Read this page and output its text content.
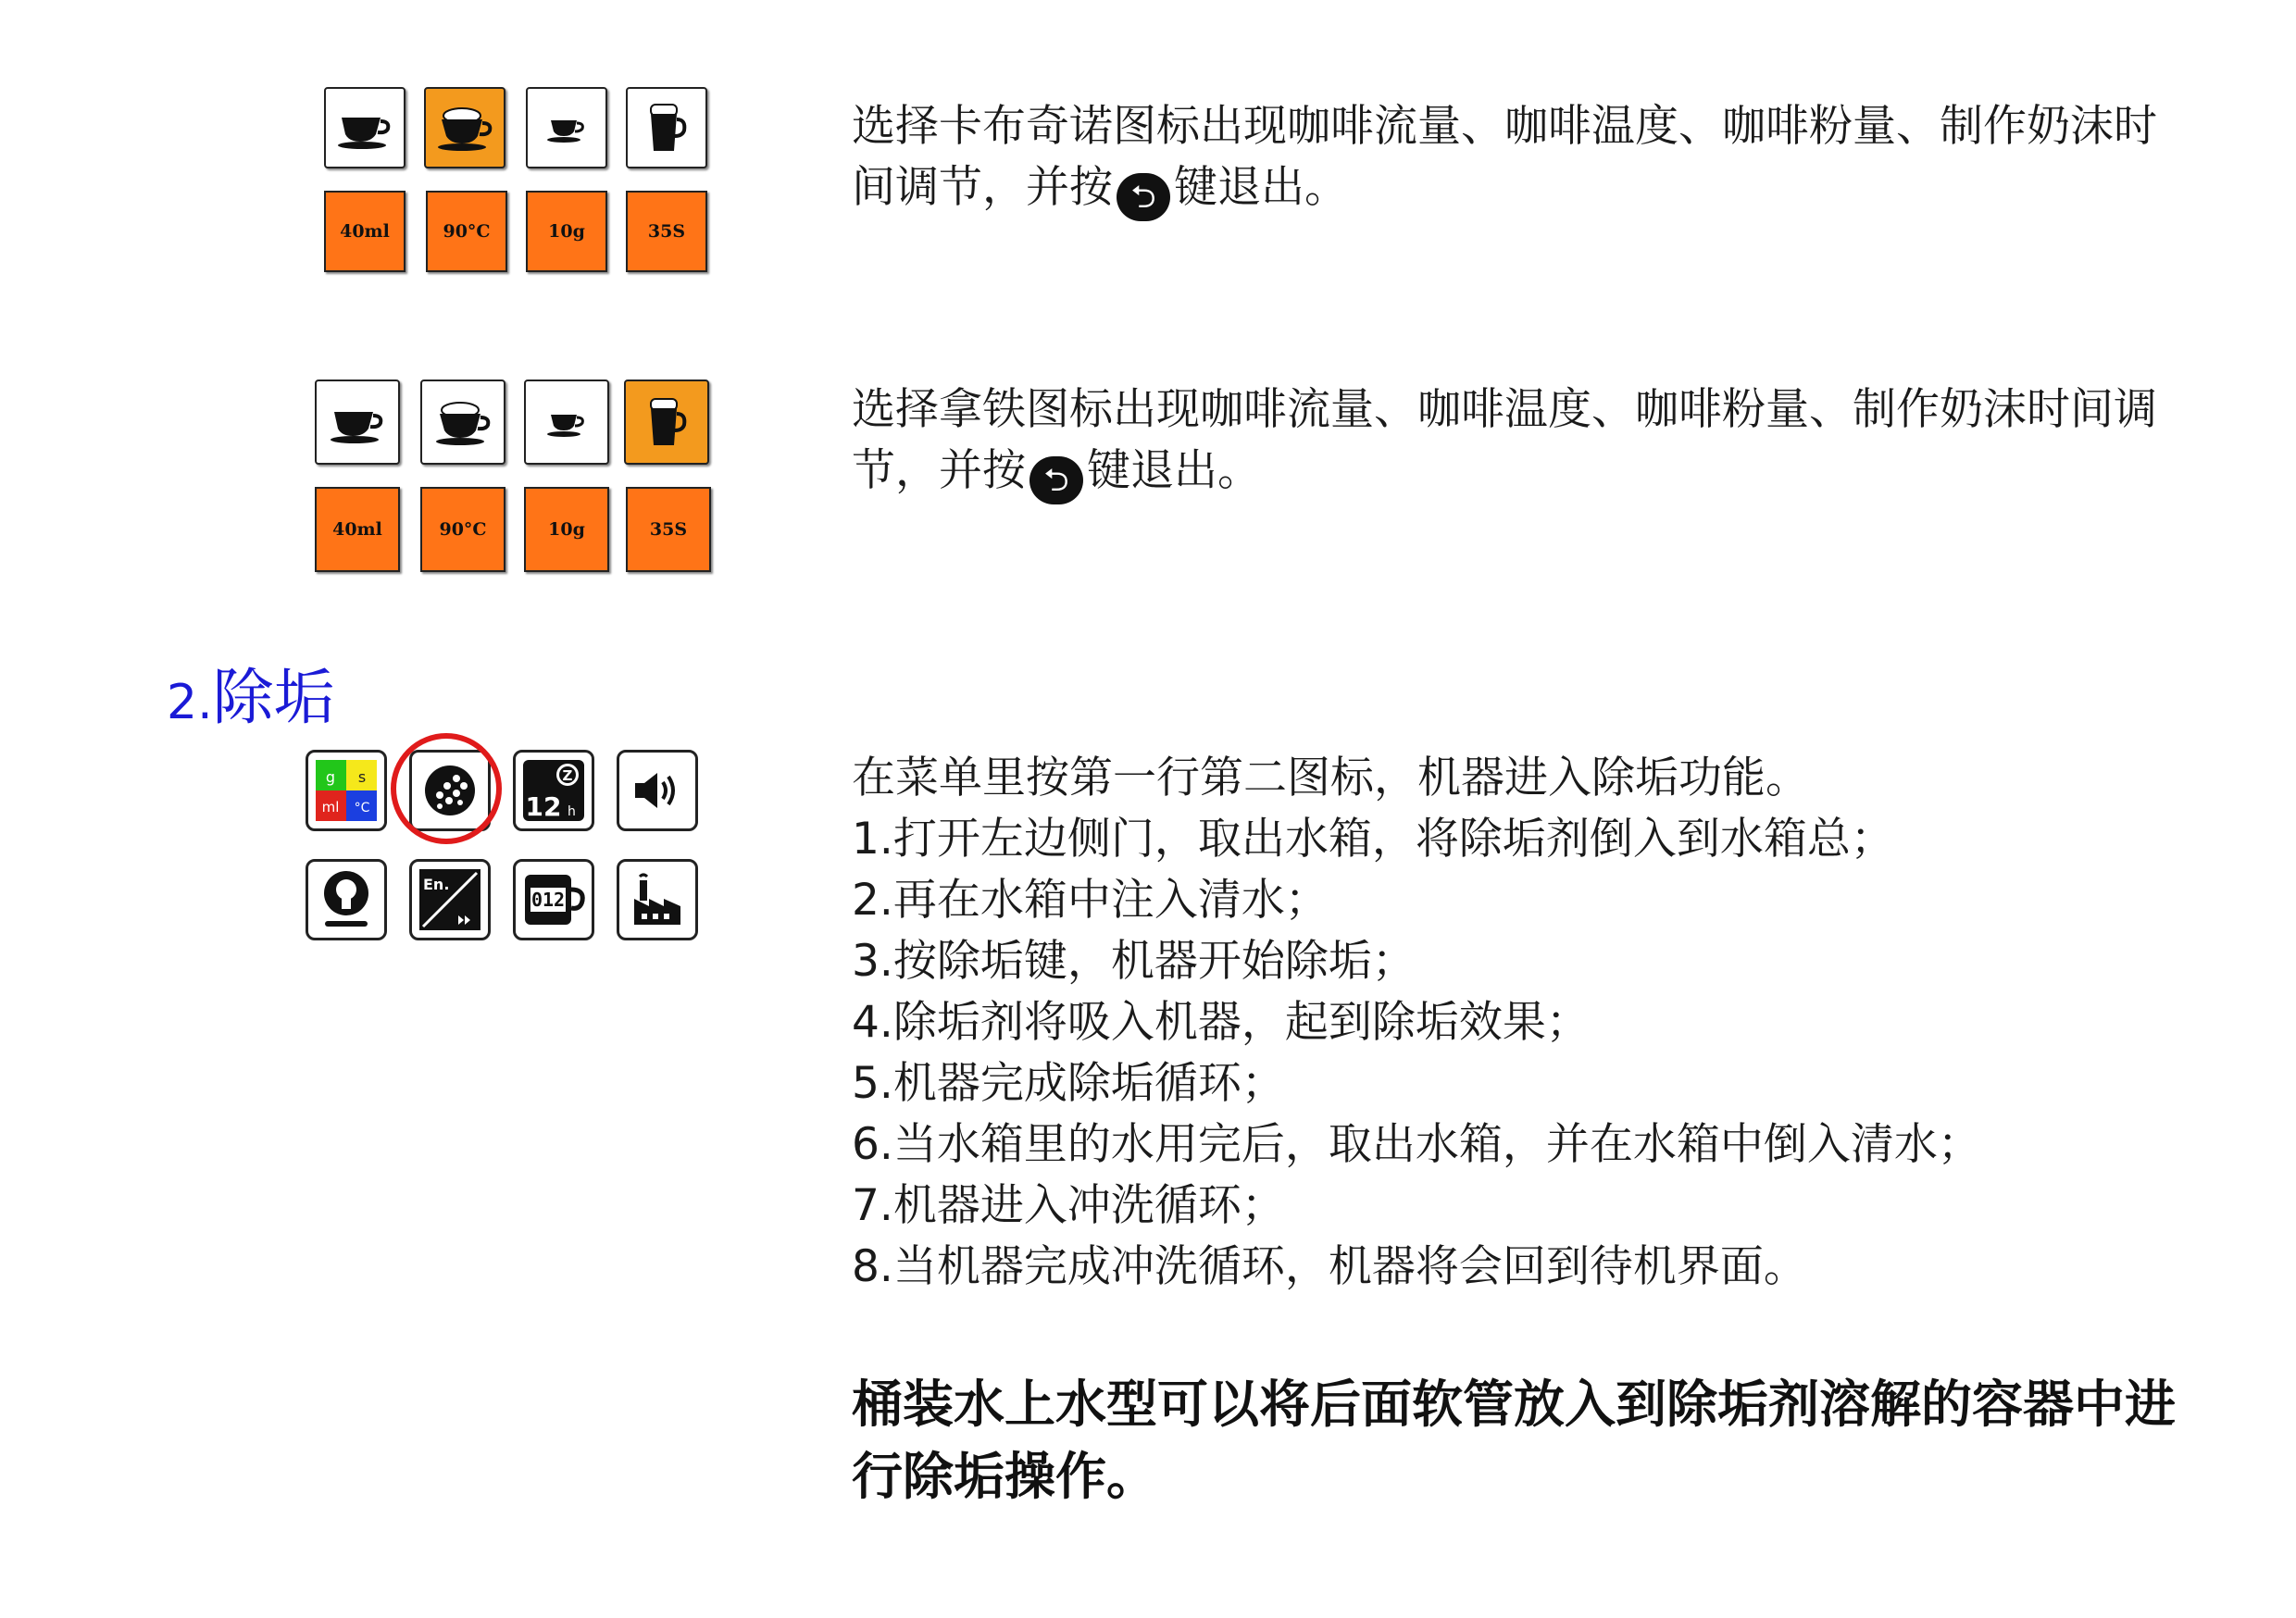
40ml	90°C	10g	35S
选择卡布奇诺图标出现咖啡流量、咖啡温度、咖啡粉量、制作奶沫时间调节，并按 ⮌ 键退出。
40ml	90°C	10g	35S
选择拿铁图标出现咖啡流量、咖啡温度、咖啡粉量、制作奶沫时间调节，并按 ⮌ 键退出。
2.除垢
g s
ml °C
Z
12 h
En.
012
在菜单里按第一行第二图标，机器进入除垢功能。
1.打开左边侧门，取出水箱，将除垢剂倒入到水箱总；
2.再在水箱中注入清水；
3.按除垢键，机器开始除垢；
4.除垢剂将吸入机器，起到除垢效果；
5.机器完成除垢循环；
6.当水箱里的水用完后，取出水箱，并在水箱中倒入清水；
7.机器进入冲洗循环；
8.当机器完成冲洗循环，机器将会回到待机界面。
桶装水上水型可以将后面软管放入到除垢剂溶解的容器中进行除垢操作。
